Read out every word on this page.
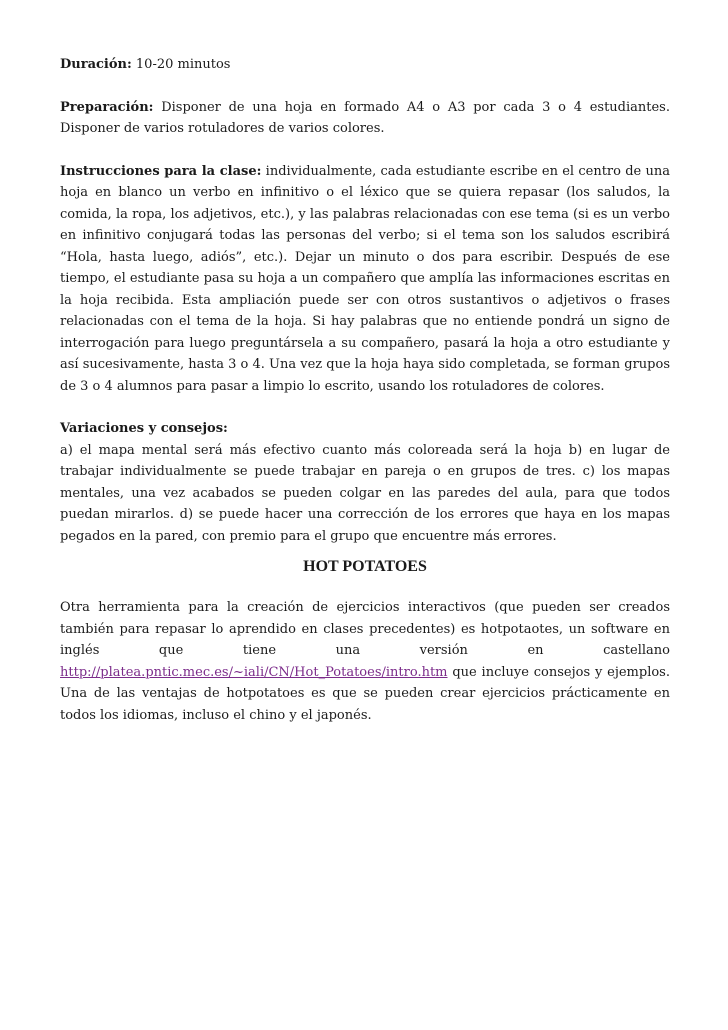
Duración: 10-20 minutos

Preparación: Disponer de una hoja en formado A4 o A3 por cada 3 o 4 estudiantes. Disponer de varios rotuladores de varios colores.

Instrucciones para la clase: individualmente, cada estudiante escribe en el centro de una hoja en blanco un verbo en infinitivo o el léxico que se quiera repasar (los saludos, la comida, la ropa, los adjetivos, etc.), y las palabras relacionadas con ese tema (si es un verbo en infinitivo conjugará todas las personas del verbo; si el tema son los saludos escribirá “Hola, hasta luego, adiós”, etc.). Dejar un minuto o dos para escribir. Después de ese tiempo, el estudiante pasa su hoja a un compañero que amplía las informaciones escritas en la hoja recibida. Esta ampliación puede ser con otros sustantivos o adjetivos o frases relacionadas con el tema de la hoja. Si hay palabras que no entiende pondrá un signo de interrogación para luego preguntársela a su compañero, pasará la hoja a otro estudiante y así sucesivamente, hasta 3 o 4. Una vez que la hoja haya sido completada, se forman grupos de 3 o 4 alumnos para pasar a limpio lo escrito, usando los rotuladores de colores.

Variaciones y consejos:

a) el mapa mental será más efectivo cuanto más coloreada será la hoja b) en lugar de trabajar individualmente se puede trabajar en pareja o en grupos de tres. c) los mapas mentales, una vez acabados se pueden colgar en las paredes del aula, para que todos puedan mirarlos. d) se puede hacer una corrección de los errores que haya en los mapas pegados en la pared, con premio para el grupo que encuentre más errores.

HOT POTATOES

Otra herramienta para la creación de ejercicios interactivos (que pueden ser creados también para repasar lo aprendido en clases precedentes) es hotpotaotes, un software en inglés que tiene una versión en castellano http://platea.pntic.mec.es/~iali/CN/Hot_Potatoes/intro.htm que incluye consejos y ejemplos. Una de las ventajas de hotpotatoes es que se pueden crear ejercicios prácticamente en todos los idiomas, incluso el chino y el japonés.
